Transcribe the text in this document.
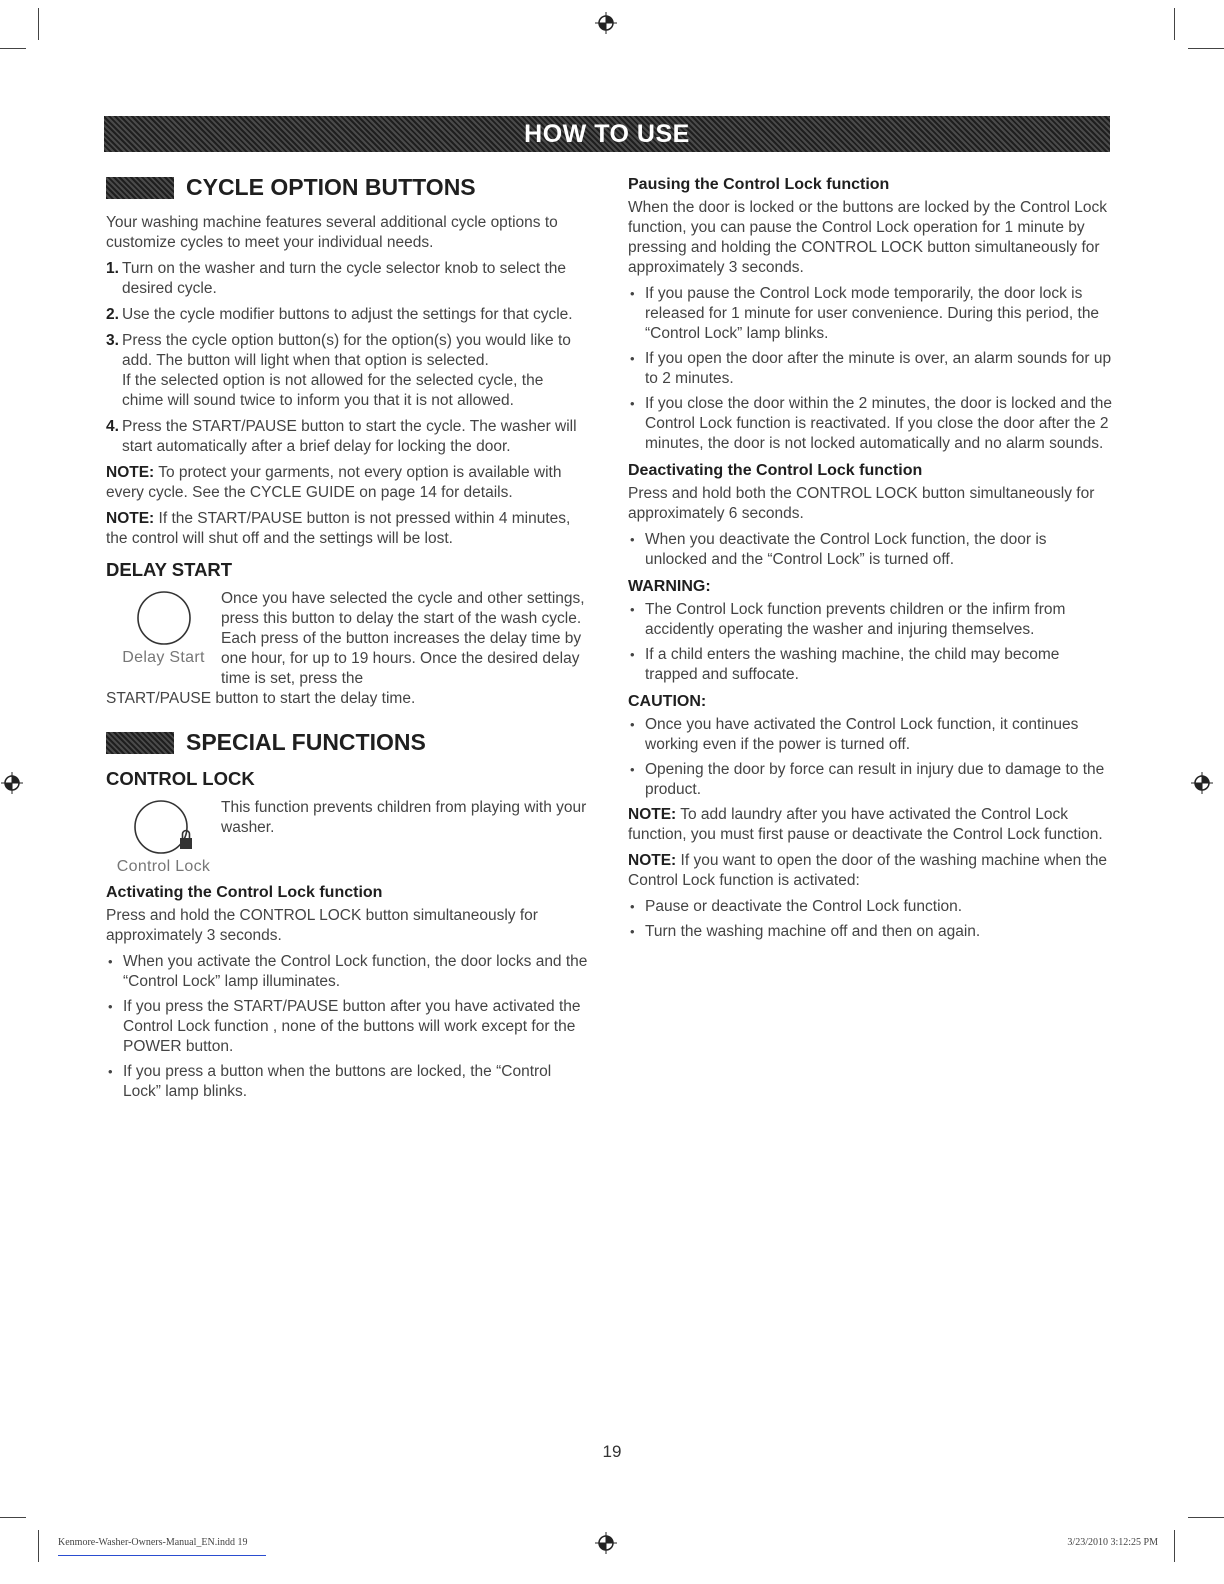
HOW TO USE
CYCLE OPTION BUTTONS

Your washing machine features several additional cycle options to customize cycles to meet your individual needs.

1. Turn on the washer and turn the cycle selector knob to select the desired cycle.
2. Use the cycle modifier buttons to adjust the settings for that cycle.
3. Press the cycle option button(s) for the option(s) you would like to add. The button will light when that option is selected.
If the selected option is not allowed for the selected cycle, the chime will sound twice to inform you that it is not allowed.
4. Press the START/PAUSE button to start the cycle. The washer will start automatically after a brief delay for locking the door.

NOTE: To protect your garments, not every option is available with every cycle. See the CYCLE GUIDE on page 14 for details.

NOTE: If the START/PAUSE button is not pressed within 4 minutes, the control will shut off and the settings will be lost.

DELAY START
Delay Start

Once you have selected the cycle and other settings, press this button to delay the start of the wash cycle. Each press of the button increases the delay time by one hour, for up to 19 hours. Once the desired delay time is set, press the

START/PAUSE button to start the delay time.

SPECIAL FUNCTIONS
CONTROL LOCK
Control Lock

This function prevents children from playing with your washer.

Activating the Control Lock function

Press and hold the CONTROL LOCK button simultaneously for approximately 3 seconds.

• When you activate the Control Lock function, the door locks and the “Control Lock” lamp illuminates.
• If you press the START/PAUSE button after you have activated the Control Lock function , none of the buttons will work except for the POWER button.
• If you press a button when the buttons are locked, the “Control Lock” lamp blinks.
Pausing the Control Lock function

When the door is locked or the buttons are locked by the Control Lock function, you can pause the Control Lock operation for 1 minute by pressing and holding the CONTROL LOCK button simultaneously for approximately 3 seconds.

• If you pause the Control Lock mode temporarily, the door lock is released for 1 minute for user convenience. During this period, the “Control Lock” lamp blinks.
• If you open the door after the minute is over, an alarm sounds for up to 2 minutes.
• If you close the door within the 2 minutes, the door is locked and the Control Lock function is reactivated. If you close the door after the 2 minutes, the door is not locked automatically and no alarm sounds.
Deactivating the Control Lock function

Press and hold both the CONTROL LOCK button simultaneously for approximately 6 seconds.

• When you deactivate the Control Lock function, the door is unlocked and the “Control Lock” is turned off.
WARNING:
• The Control Lock function prevents children or the infirm from accidently operating the washer and injuring themselves.
• If a child enters the washing machine, the child may become trapped and suffocate.
CAUTION:
• Once you have activated the Control Lock function, it continues working even if the power is turned off.
• Opening the door by force can result in injury due to damage to the product.

NOTE: To add laundry after you have activated the Control Lock function, you must first pause or deactivate the Control Lock function.

NOTE: If you want to open the door of the washing machine when the Control Lock function is activated:

• Pause or deactivate the Control Lock function.
• Turn the washing machine off and then on again.
19
Kenmore-Washer-Owners-Manual_EN.indd 19	3/23/2010 3:12:25 PM
